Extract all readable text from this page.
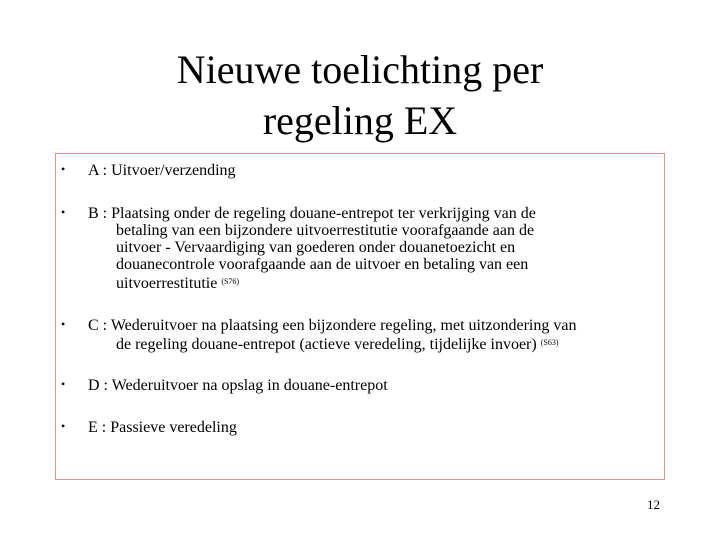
Nieuwe toelichting per
regeling EX
• A : Uitvoer/verzending
• B : Plaatsing onder de regeling douane-entrepot ter verkrijging van de
betaling van een bijzondere uitvoerrestitutie voorafgaande aan de
uitvoer - Vervaardiging van goederen onder douanetoezicht en
douanecontrole voorafgaande aan de uitvoer en betaling van een
uitvoerrestitutie $^{(S76)}$
• C : Wederuitvoer na plaatsing een bijzondere regeling, met uitzondering van
de regeling douane-entrepot (actieve veredeling, tijdelijke invoer) $^{(S63)}$
• D : Wederuitvoer na opslag in douane-entrepot
• E : Passieve veredeling
12
